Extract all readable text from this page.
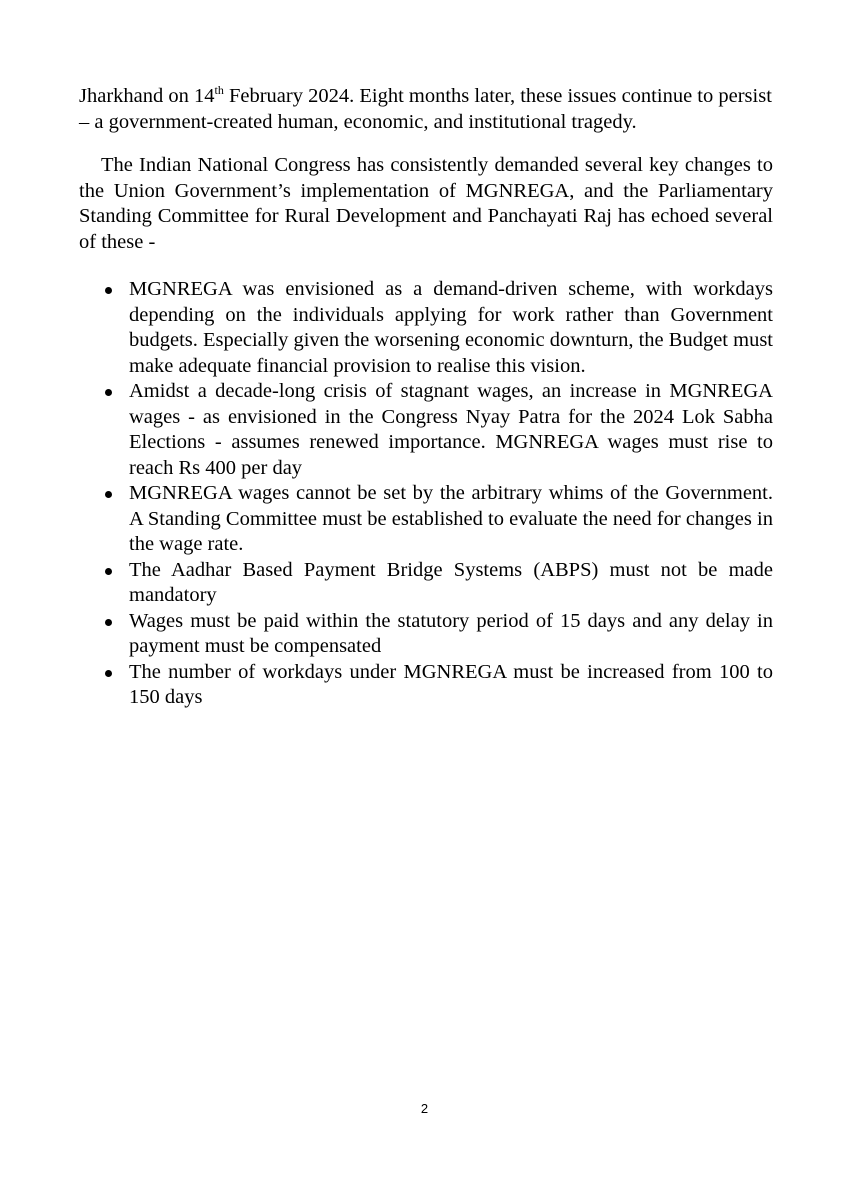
Jharkhand on 14th February 2024. Eight months later, these issues continue to persist – a government-created human, economic, and institutional tragedy.

The Indian National Congress has consistently demanded several key changes to the Union Government’s implementation of MGNREGA, and the Parliamentary Standing Committee for Rural Development and Panchayati Raj has echoed several of these -

MGNREGA was envisioned as a demand-driven scheme, with workdays depending on the individuals applying for work rather than Government budgets. Especially given the worsening economic downturn, the Budget must make adequate financial provision to realise this vision.
Amidst a decade-long crisis of stagnant wages, an increase in MGNREGA wages - as envisioned in the Congress Nyay Patra for the 2024 Lok Sabha Elections - assumes renewed importance. MGNREGA wages must rise to reach Rs 400 per day
MGNREGA wages cannot be set by the arbitrary whims of the Government. A Standing Committee must be established to evaluate the need for changes in the wage rate.
The Aadhar Based Payment Bridge Systems (ABPS) must not be made mandatory
Wages must be paid within the statutory period of 15 days and any delay in payment must be compensated
The number of workdays under MGNREGA must be increased from 100 to 150 days
2
